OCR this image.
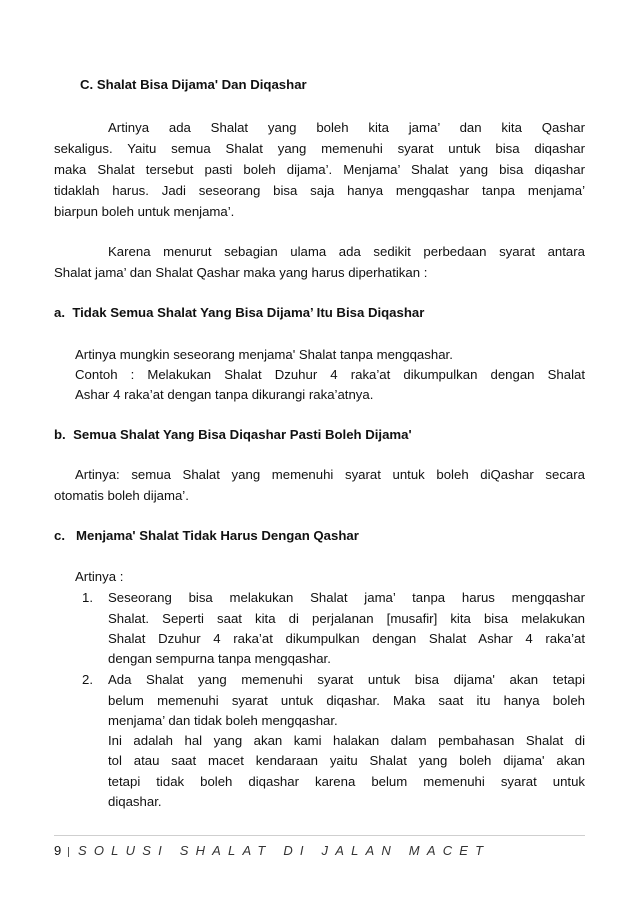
C. Shalat Bisa Dijama' Dan Diqashar
Artinya ada Shalat yang boleh kita jama’ dan kita Qashar
sekaligus. Yaitu semua Shalat yang memenuhi syarat untuk bisa diqashar
maka Shalat tersebut pasti boleh dijama’. Menjama’ Shalat yang bisa diqashar
tidaklah harus. Jadi seseorang bisa saja hanya mengqashar tanpa menjama’
biarpun boleh untuk menjama’.
Karena menurut sebagian ulama ada sedikit perbedaan syarat antara
Shalat jama’ dan Shalat Qashar maka yang harus diperhatikan :
a. Tidak Semua Shalat Yang Bisa Dijama’ Itu Bisa Diqashar
Artinya mungkin seseorang menjama' Shalat tanpa mengqashar.
Contoh : Melakukan Shalat Dzuhur 4 raka’at dikumpulkan dengan Shalat
Ashar 4 raka’at dengan tanpa dikurangi raka’atnya.
b. Semua Shalat Yang Bisa Diqashar Pasti Boleh Dijama'
Artinya: semua Shalat yang memenuhi syarat untuk boleh diQashar secara
otomatis boleh dijama’.
c. Menjama' Shalat Tidak Harus Dengan Qashar
Artinya :
1. Seseorang bisa melakukan Shalat jama’ tanpa harus mengqashar
Shalat. Seperti saat kita di perjalanan [musafir] kita bisa melakukan
Shalat Dzuhur 4 raka’at dikumpulkan dengan Shalat Ashar 4 raka’at
dengan sempurna tanpa mengqashar.
2. Ada Shalat yang memenuhi syarat untuk bisa dijama' akan tetapi
belum memenuhi syarat untuk diqashar. Maka saat itu hanya boleh
menjama’ dan tidak boleh mengqashar.
Ini adalah hal yang akan kami halakan dalam pembahasan Shalat di
tol atau saat macet kendaraan yaitu Shalat yang boleh dijama' akan
tetapi tidak boleh diqashar karena belum memenuhi syarat untuk
diqashar.
9 SOLUSI SHALAT DI JALAN MACET
